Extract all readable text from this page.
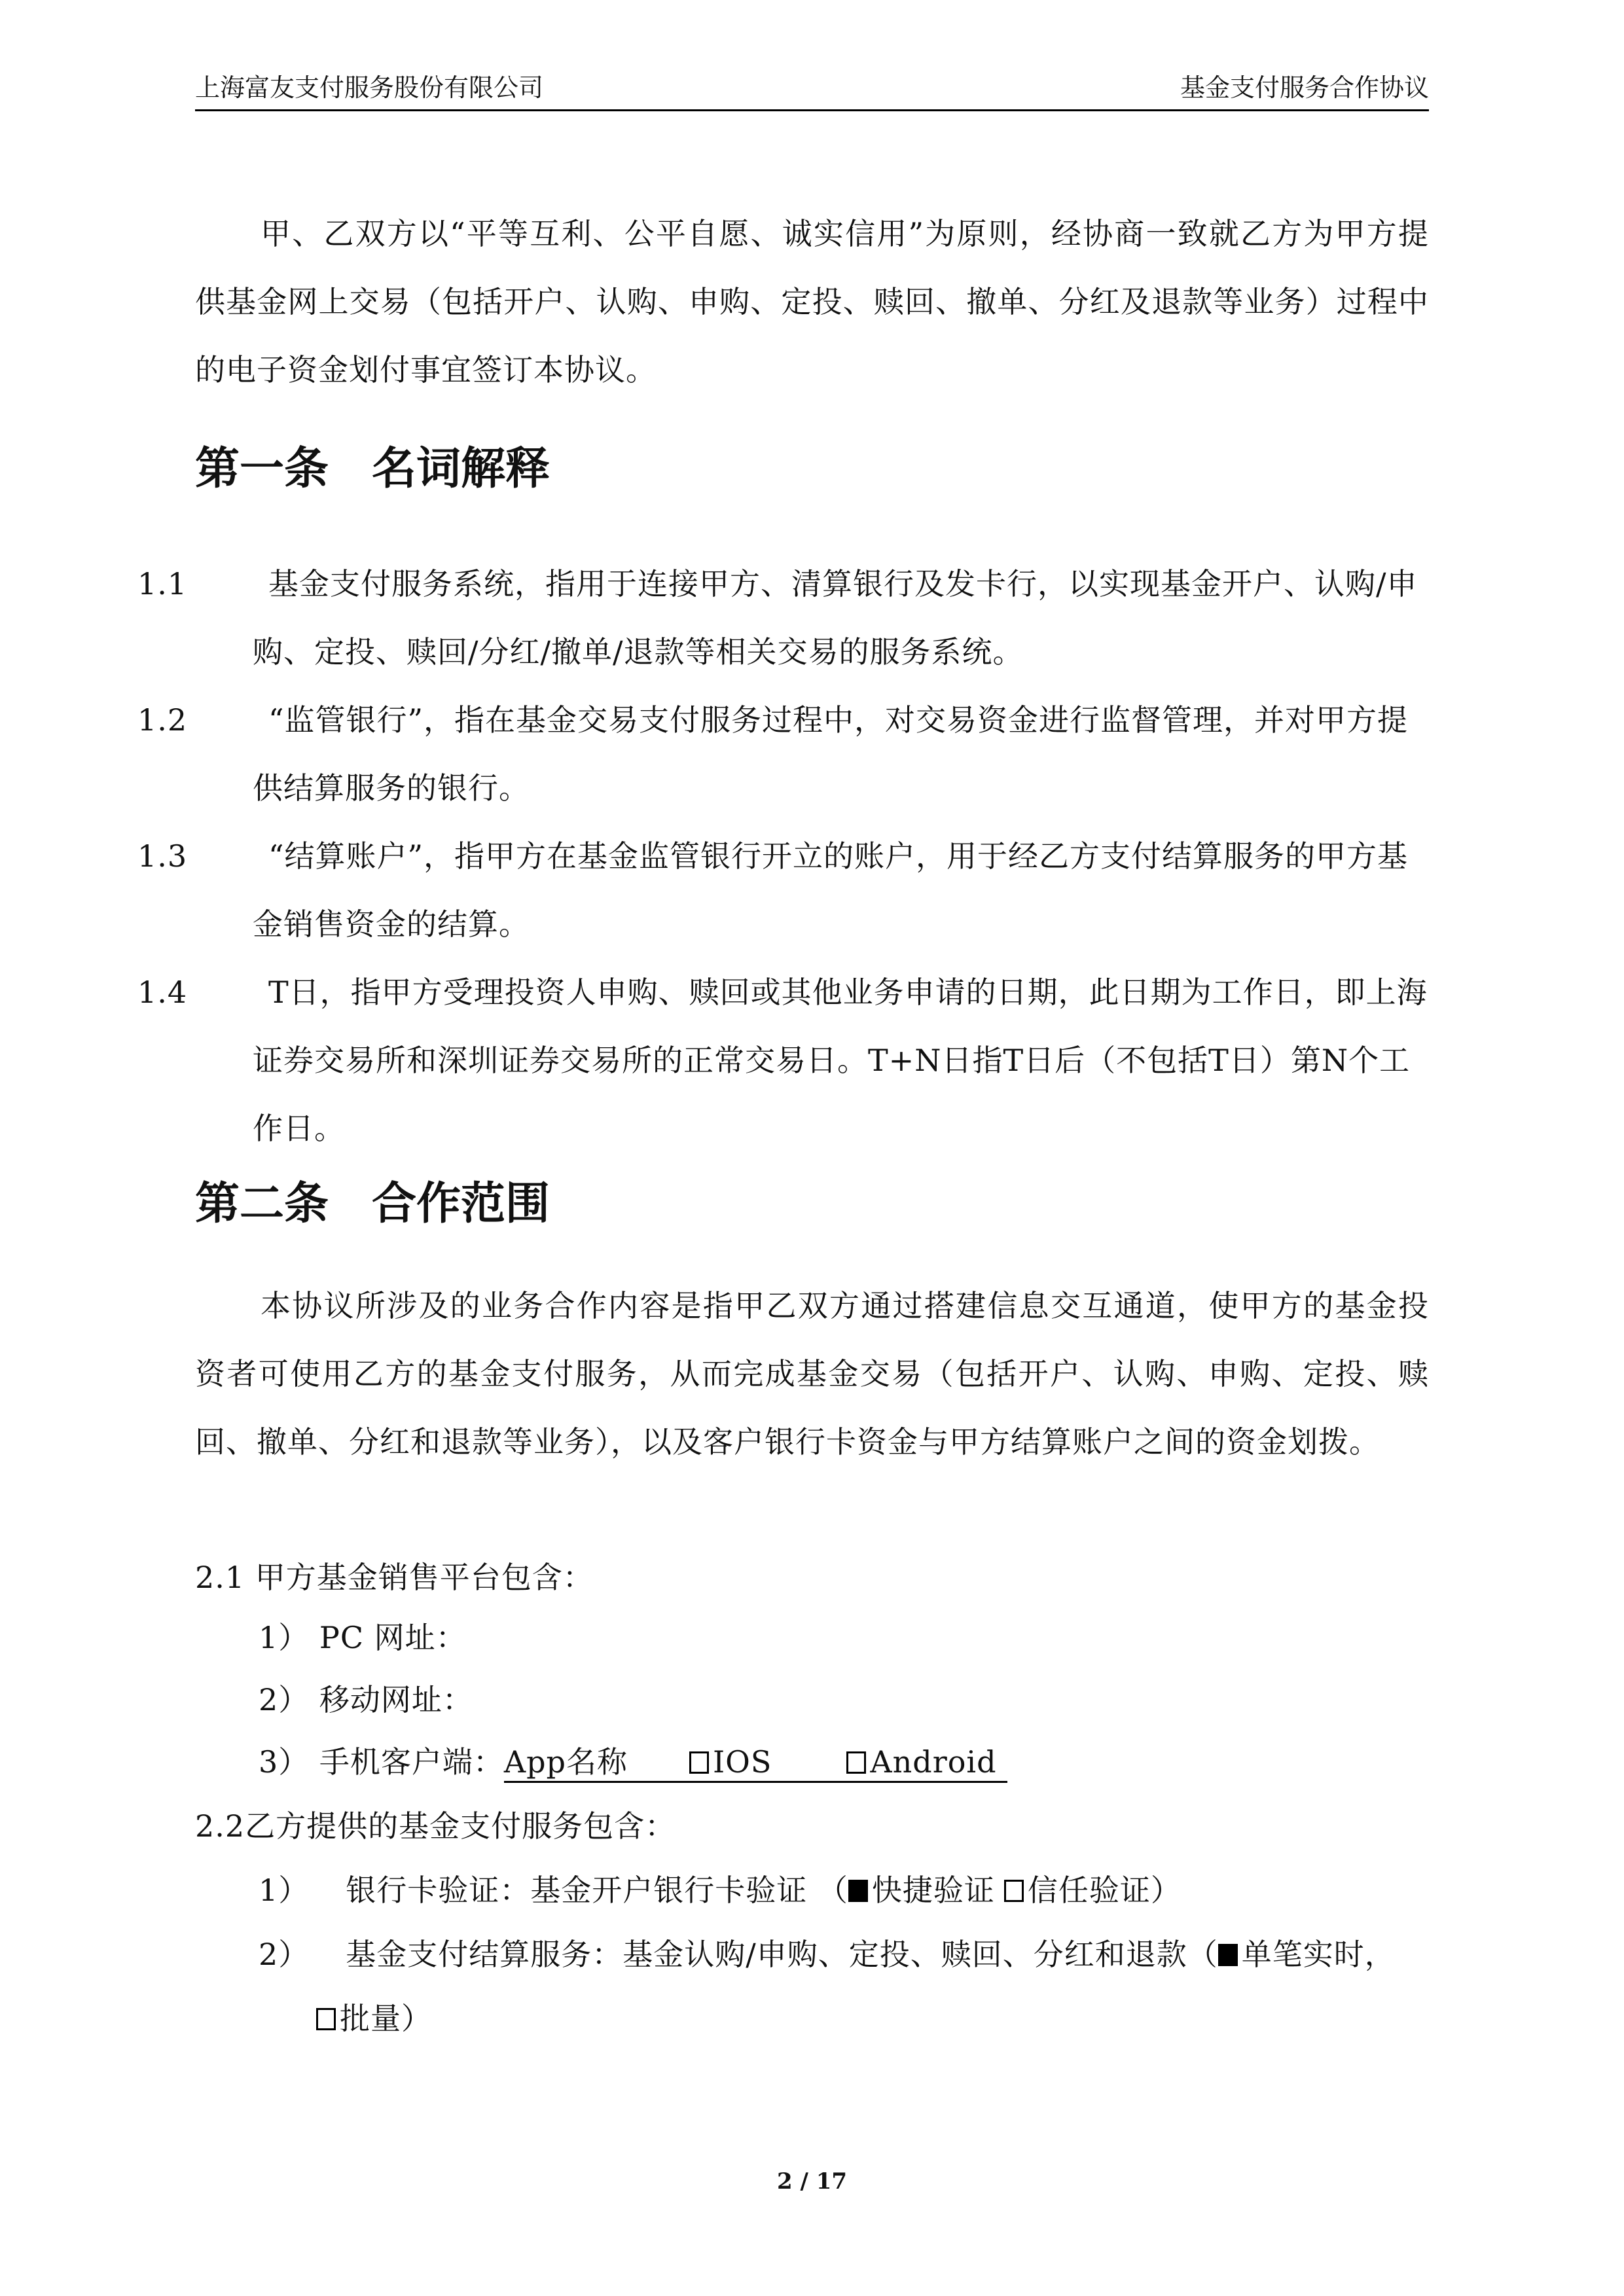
上海富友支付服务股份有限公司	基金支付服务合作协议
甲、乙双方以“平等互利、公平自愿、诚实信用”为原则，经协商一致就乙方为甲方提供基金网上交易（包括开户、认购、申购、定投、赎回、撤单、分红及退款等业务）过程中的电子资金划付事宜签订本协议。
第一条 名词解释
1.1	基金支付服务系统，指用于连接甲方、清算银行及发卡行，以实现基金开户、认购/申购、定投、赎回/分红/撤单/退款等相关交易的服务系统。
1.2	“监管银行”，指在基金交易支付服务过程中，对交易资金进行监督管理，并对甲方提供结算服务的银行。
1.3	“结算账户”，指甲方在基金监管银行开立的账户，用于经乙方支付结算服务的甲方基金销售资金的结算。
1.4	T日，指甲方受理投资人申购、赎回或其他业务申请的日期，此日期为工作日，即上海证券交易所和深圳证券交易所的正常交易日。T+N日指T日后（不包括T日）第N个工作日。
第二条 合作范围
本协议所涉及的业务合作内容是指甲乙双方通过搭建信息交互通道，使甲方的基金投资者可使用乙方的基金支付服务，从而完成基金交易（包括开户、认购、申购、定投、赎回、撤单、分红和退款等业务），以及客户银行卡资金与甲方结算账户之间的资金划拨。
2.1 甲方基金销售平台包含：
1） PC 网址：
2） 移动网址：
3） 手机客户端：App名称	IOS	Android
2.2乙方提供的基金支付服务包含：
1） 银行卡验证：基金开户银行卡验证 （ 快捷验证 信任验证）
2） 基金支付结算服务：基金认购/申购、定投、赎回、分红和退款（ 单笔实时，
批量）
2 / 17
